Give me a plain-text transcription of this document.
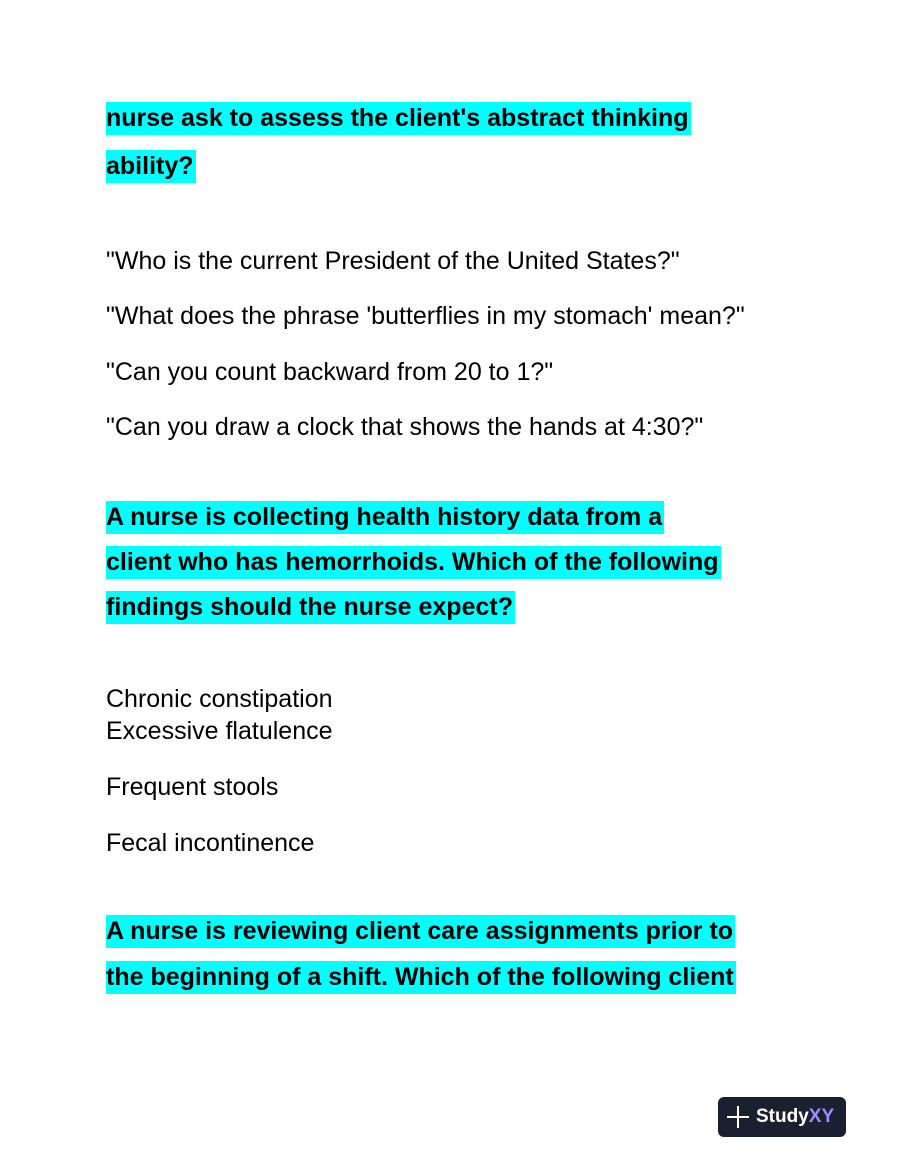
nurse ask to assess the client's abstract thinking
ability?
"Who is the current President of the United States?"
"What does the phrase 'butterflies in my stomach' mean?"
"Can you count backward from 20 to 1?"
"Can you draw a clock that shows the hands at 4:30?"
A nurse is collecting health history data from a
client who has hemorrhoids. Which of the following
findings should the nurse expect?
Chronic constipation
Excessive flatulence
Frequent stools
Fecal incontinence
A nurse is reviewing client care assignments prior to
the beginning of a shift. Which of the following client
StudyXY
